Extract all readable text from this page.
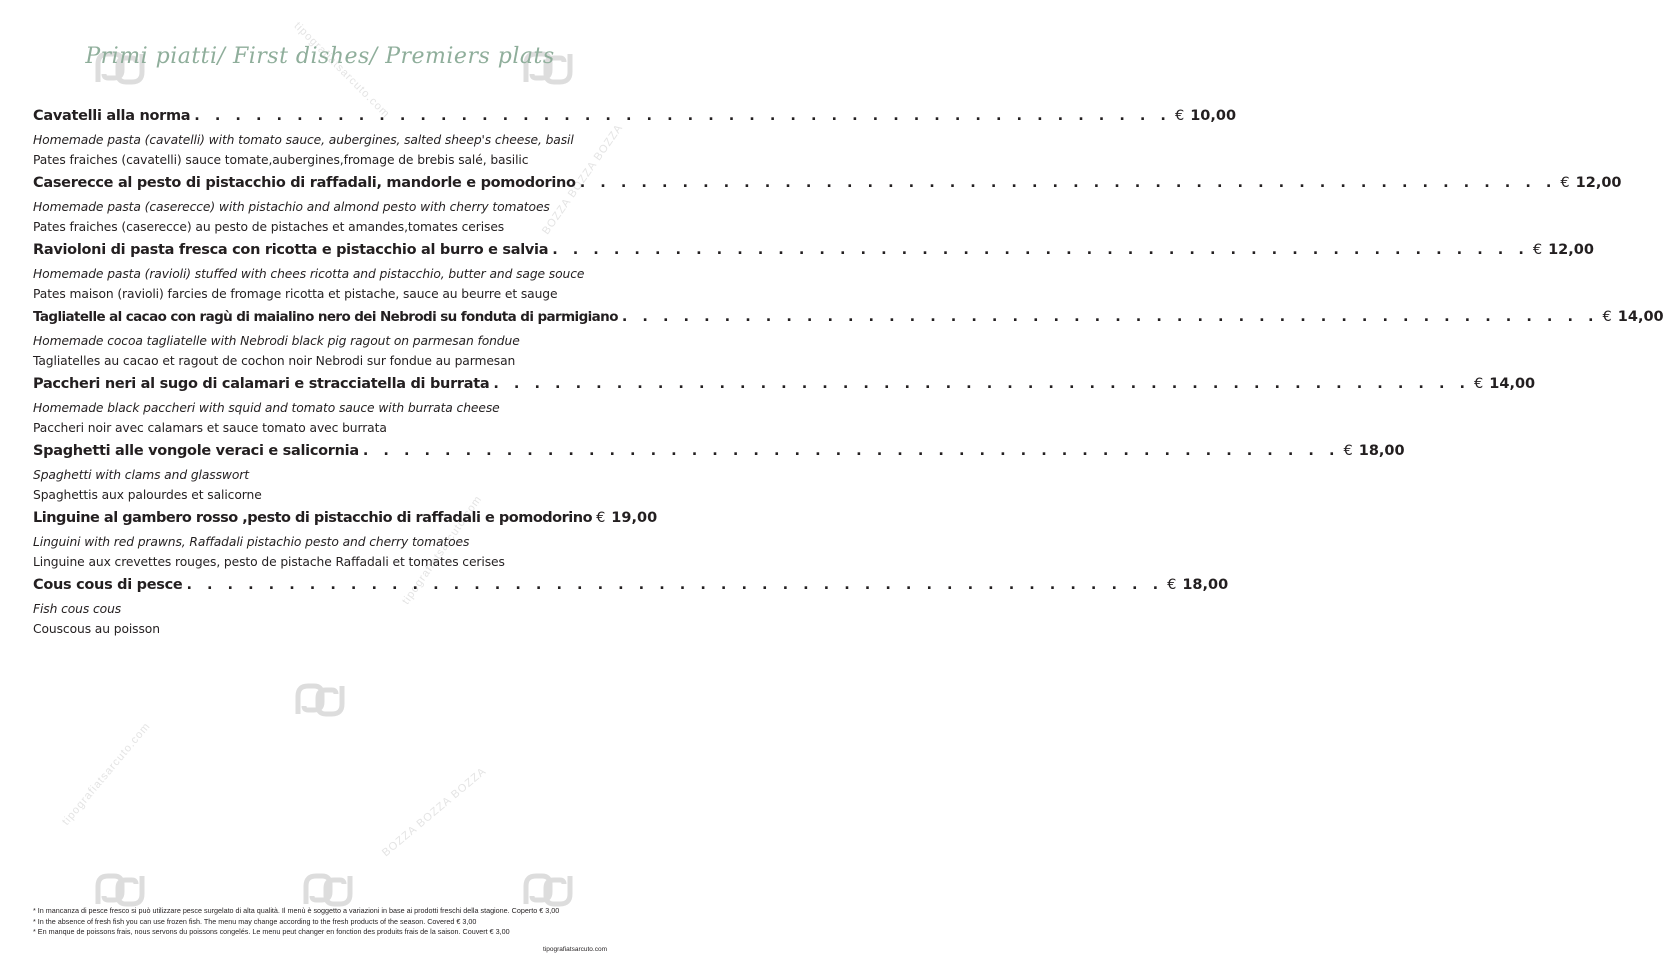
tipografiatsarcuto.com
tipografiatsarcuto.com
tipografiatsarcuto.com
BOZZA BOZZA BOZZA
BOZZA BOZZA BOZZA
Primi piatti/ First dishes/ Premiers plats
Cavatelli alla norma . . . . . . . . . . . . . . . . . . . . . . . . . . . . . . . . . . . . . . . . . . . . . . . . € 10,00
Homemade pasta (cavatelli) with tomato sauce, aubergines, salted sheep's cheese, basil
Pates fraiches (cavatelli) sauce tomate,aubergines,fromage de brebis salé, basilic
Caserecce al pesto di pistacchio di raffadali, mandorle e pomodorino . . . . . . . . . . . . . . . . . . . . . . . . . . . . . . . . . . . . . . . . . . . . . . . . € 12,00
Homemade pasta (caserecce) with pistachio and almond pesto with cherry tomatoes
Pates fraiches (caserecce) au pesto de pistaches et amandes,tomates cerises
Ravioloni di pasta fresca con ricotta e pistacchio al burro e salvia . . . . . . . . . . . . . . . . . . . . . . . . . . . . . . . . . . . . . . . . . . . . . . . . € 12,00
Homemade pasta (ravioli) stuffed with chees ricotta and pistacchio, butter and sage souce
Pates maison (ravioli) farcies de fromage ricotta et pistache, sauce au beurre et sauge
Tagliatelle al cacao con ragù di maialino nero dei Nebrodi su fonduta di parmigiano . . . . . . . . . . . . . . . . . . . . . . . . . . . . . . . . . . . . . . . . . . . . . . . . € 14,00
Homemade cocoa tagliatelle with Nebrodi black pig ragout on parmesan fondue
Tagliatelles au cacao et ragout de cochon noir Nebrodi sur fondue au parmesan
Paccheri neri al sugo di calamari e stracciatella di burrata . . . . . . . . . . . . . . . . . . . . . . . . . . . . . . . . . . . . . . . . . . . . . . . . € 14,00
Homemade black paccheri with squid and tomato sauce with burrata cheese
Paccheri noir avec calamars et sauce tomato avec burrata
Spaghetti alle vongole veraci e salicornia . . . . . . . . . . . . . . . . . . . . . . . . . . . . . . . . . . . . . . . . . . . . . . . . € 18,00
Spaghetti with clams and glasswort
Spaghettis aux palourdes et salicorne
Linguine al gambero rosso ,pesto di pistacchio di raffadali e pomodorino € 19,00
Linguini with red prawns, Raffadali pistachio pesto and cherry tomatoes
Linguine aux crevettes rouges, pesto de pistache Raffadali et tomates cerises
Cous cous di pesce . . . . . . . . . . . . . . . . . . . . . . . . . . . . . . . . . . . . . . . . . . . . . . . . € 18,00
Fish cous cous
Couscous au poisson
* In mancanza di pesce fresco si può utilizzare pesce surgelato di alta qualità. Il menù è soggetto a variazioni in base ai prodotti freschi della stagione. Coperto € 3,00
* In the absence of fresh fish you can use frozen fish. The menu may change according to the fresh products of the season. Covered € 3,00
* En manque de poissons frais, nous servons du poissons congelés. Le menu peut changer en fonction des produits frais de la saison. Couvert € 3,00
tipografiatsarcuto.com
